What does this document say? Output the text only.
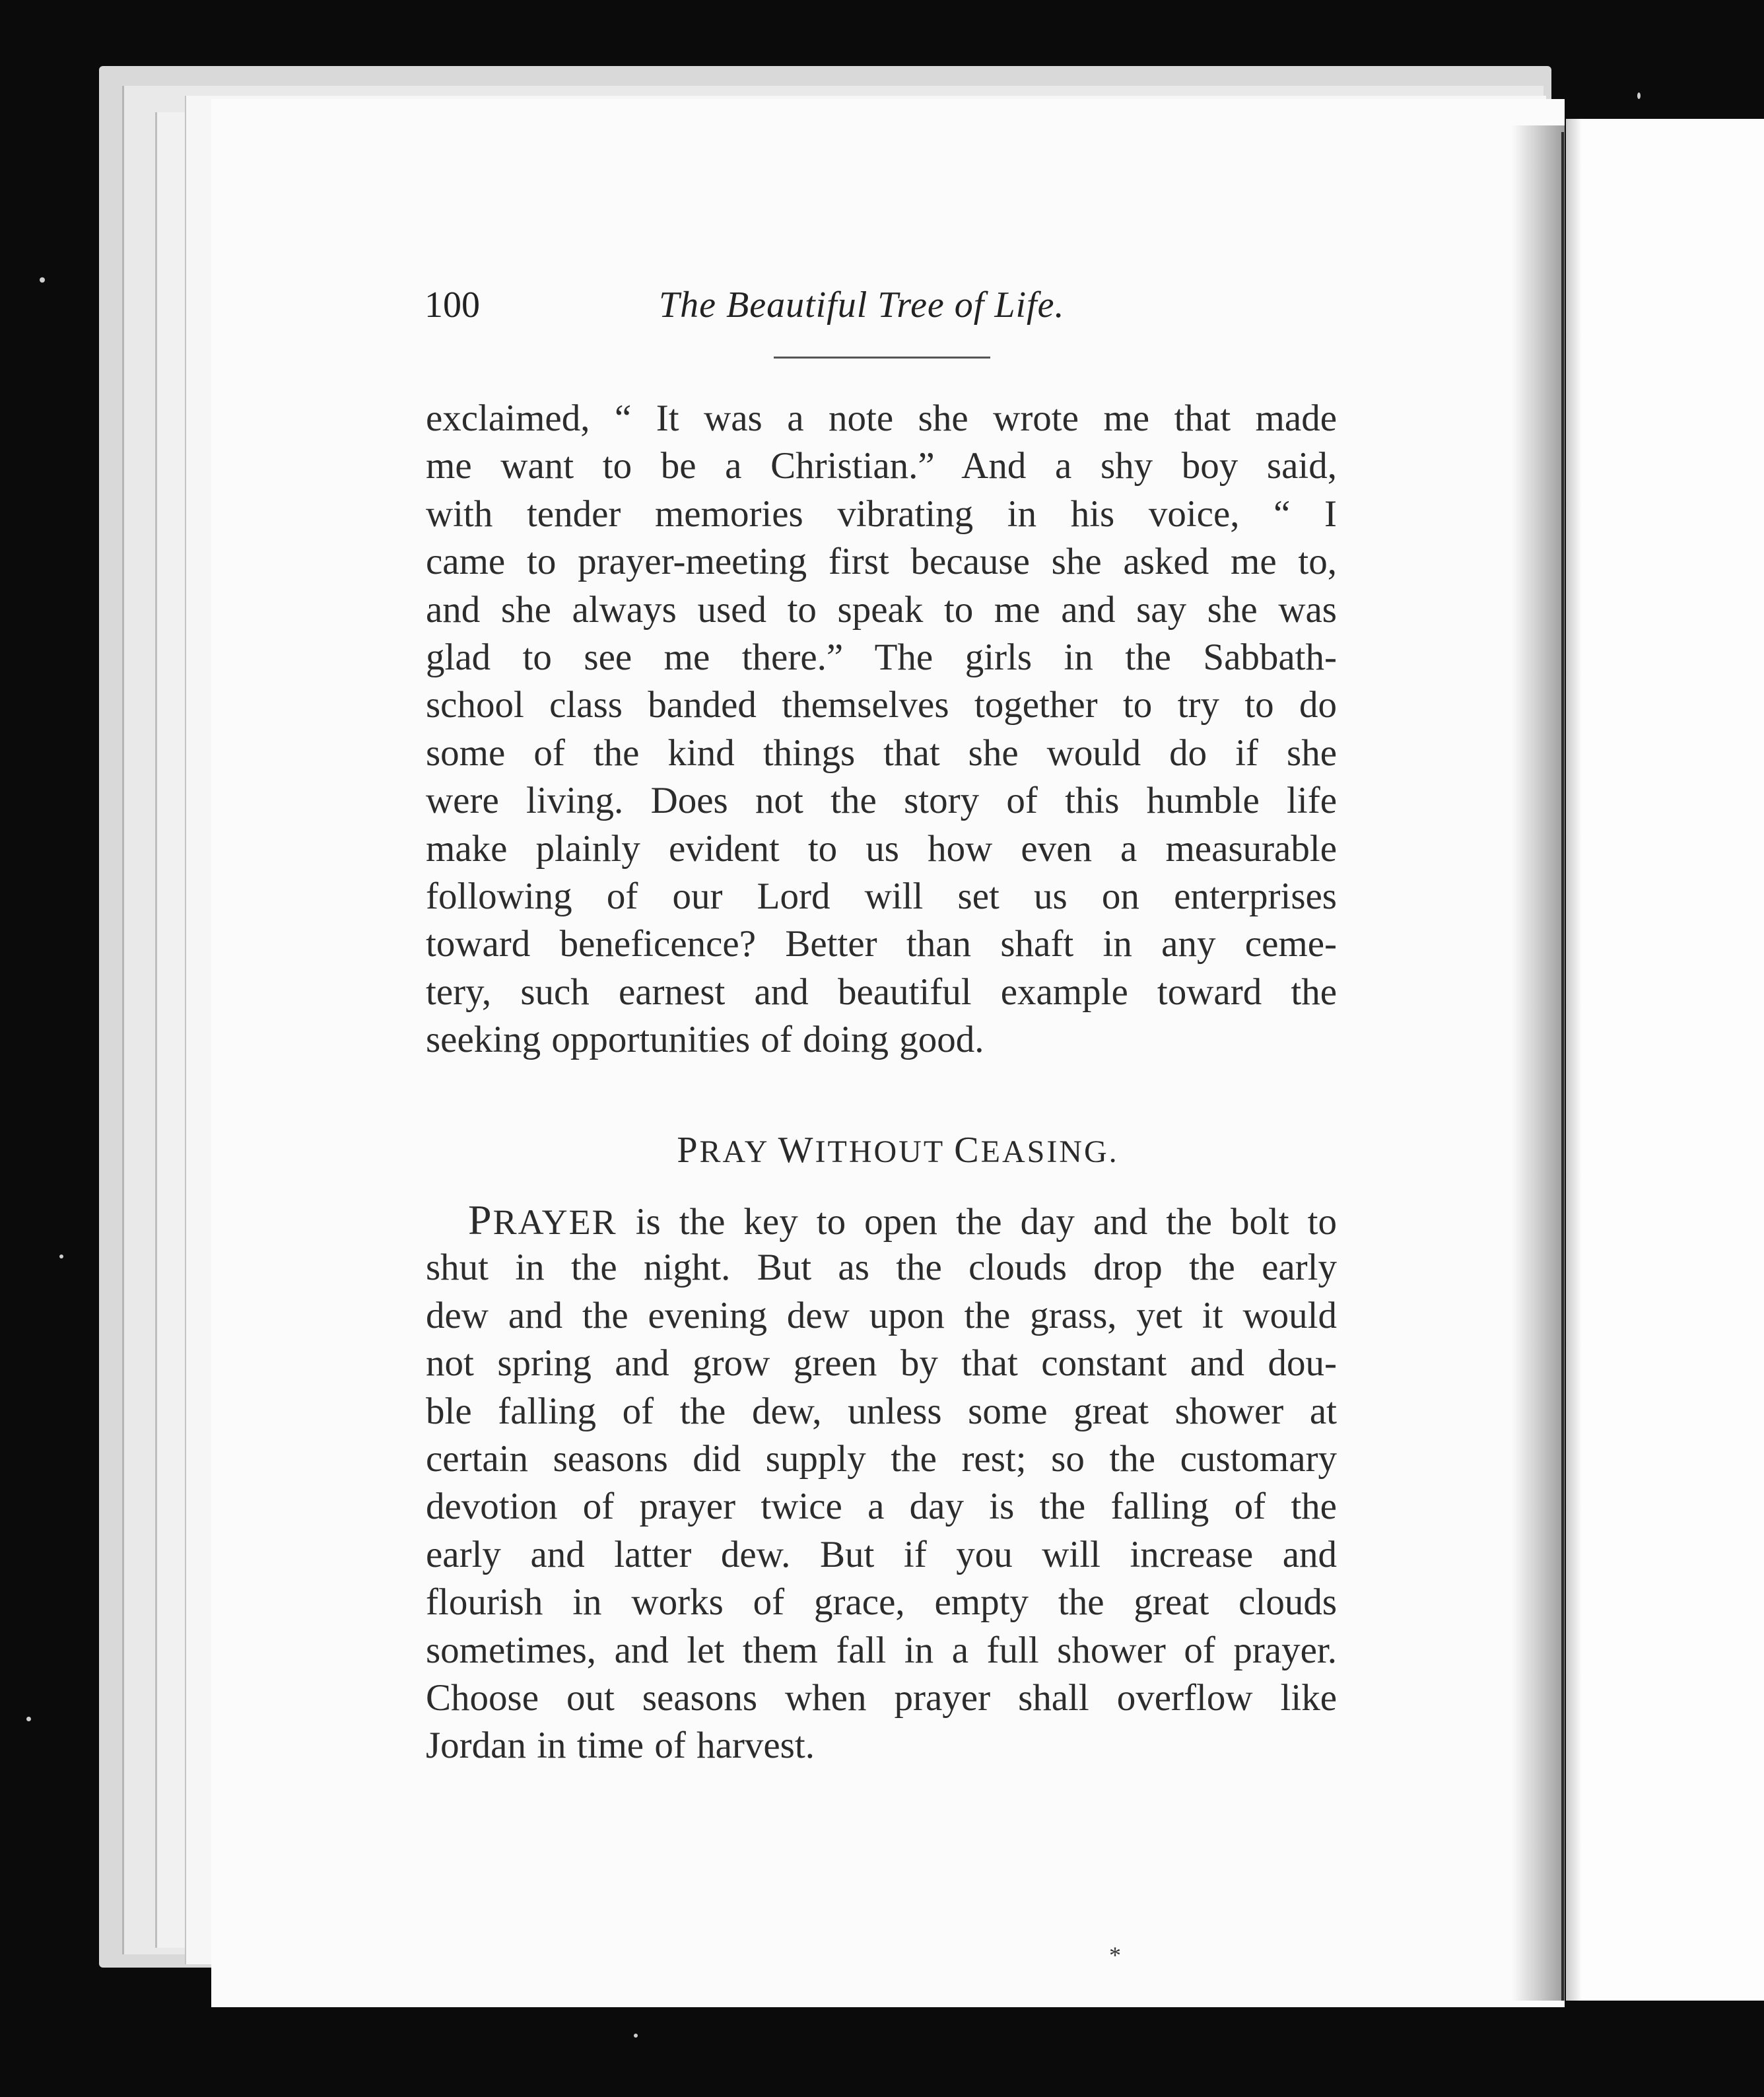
100	The Beautiful Tree of Life.
exclaimed, “ It was a note she wrote me that made
me want to be a Christian.” And a shy boy said,
with tender memories vibrating in his voice, “ I
came to prayer-meeting first because she asked me to,
and she always used to speak to me and say she was
glad to see me there.” The girls in the Sabbath-
school class banded themselves together to try to do
some of the kind things that she would do if she
were living. Does not the story of this humble life
make plainly evident to us how even a measurable
following of our Lord will set us on enterprises
toward beneficence? Better than shaft in any ceme-
tery, such earnest and beautiful example toward the
seeking opportunities of doing good.
PRAY WITHOUT CEASING.
PRAYER is the key to open the day and the bolt to
shut in the night. But as the clouds drop the early
dew and the evening dew upon the grass, yet it would
not spring and grow green by that constant and dou-
ble falling of the dew, unless some great shower at
certain seasons did supply the rest; so the customary
devotion of prayer twice a day is the falling of the
early and latter dew. But if you will increase and
flourish in works of grace, empty the great clouds
sometimes, and let them fall in a full shower of prayer.
Choose out seasons when prayer shall overflow like
Jordan in time of harvest.
*
